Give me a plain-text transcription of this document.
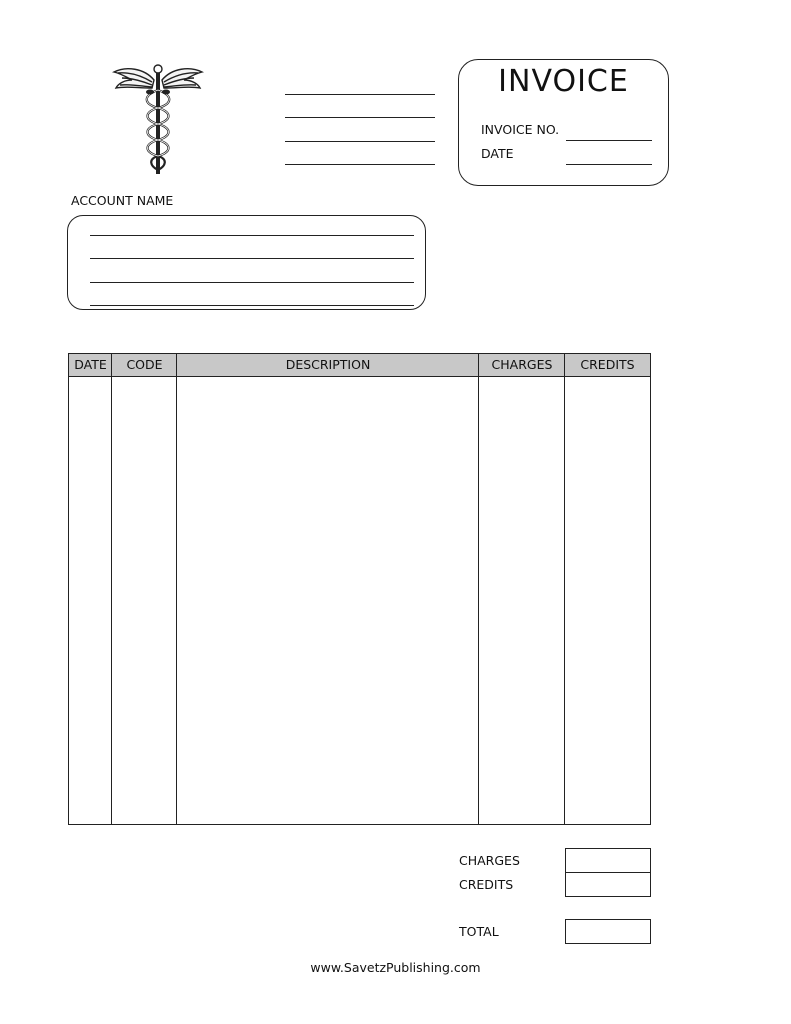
INVOICE
INVOICE NO.
DATE
ACCOUNT NAME
DATE	CODE	DESCRIPTION	CHARGES	CREDITS
CHARGES
CREDITS
TOTAL
www.SavetzPublishing.com
